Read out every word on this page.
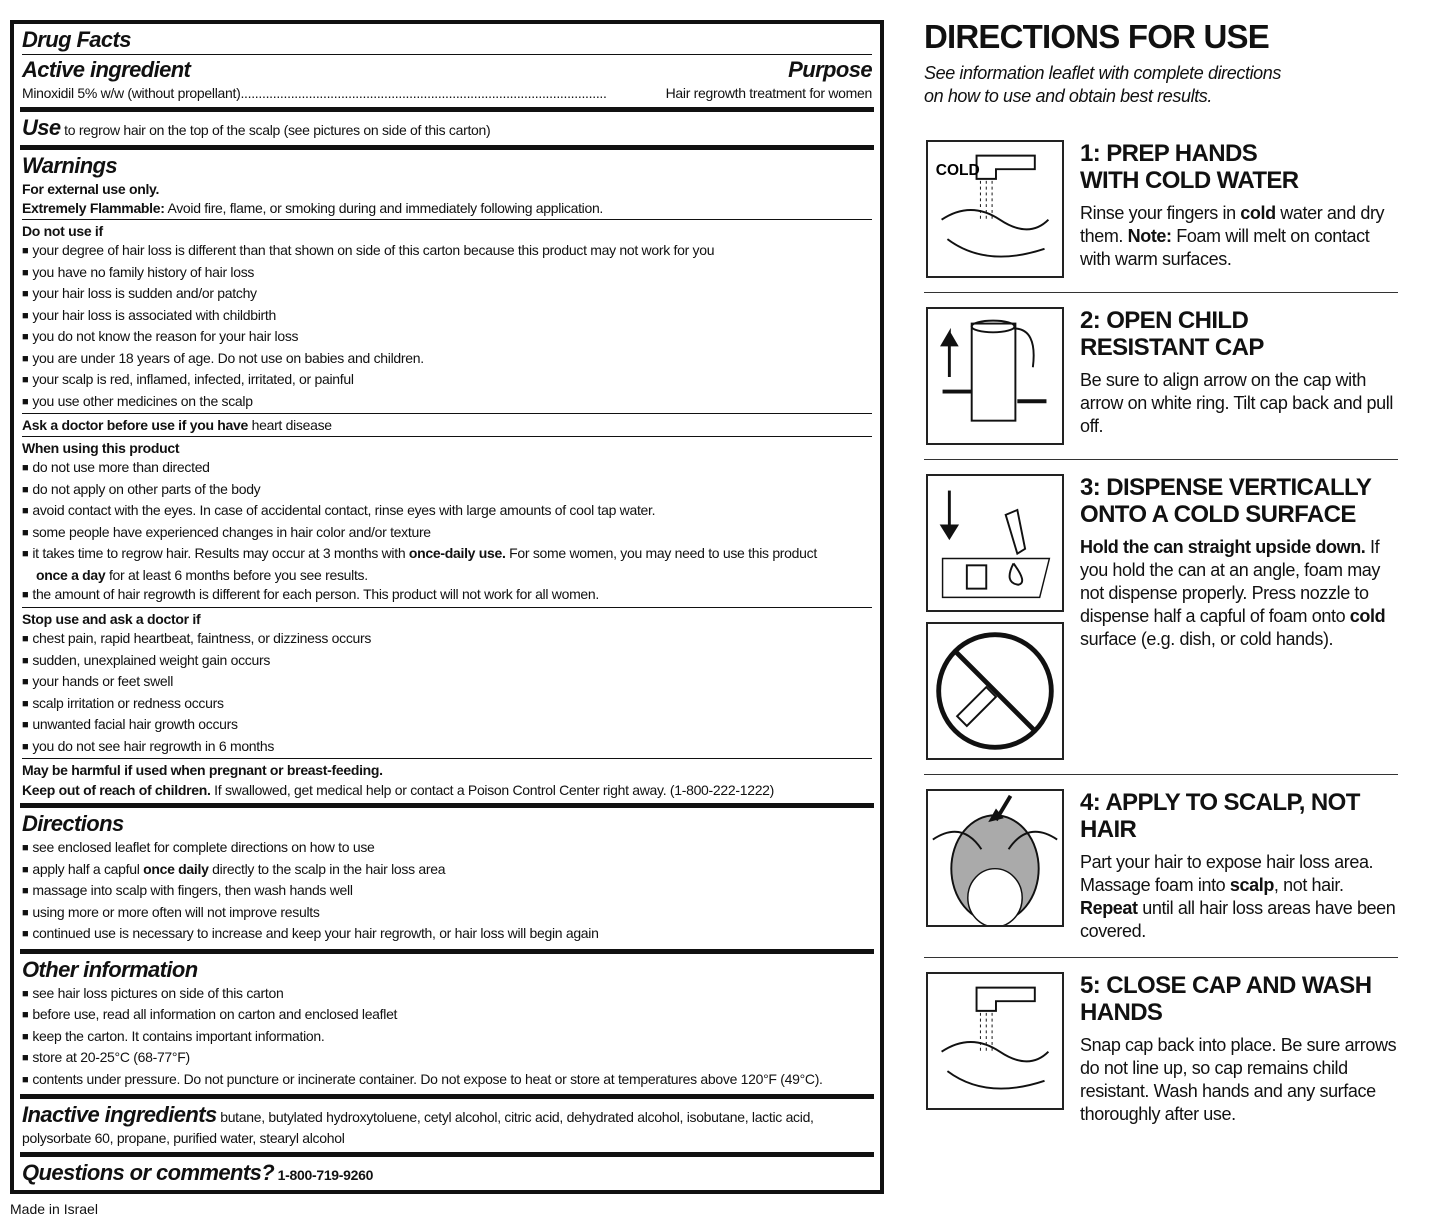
Drug Facts
Active ingredient	Purpose
Minoxidil 5% w/w (without propellant)......................................................................................................	Hair regrowth treatment for women
Use to regrow hair on the top of the scalp (see pictures on side of this carton)
Warnings
For external use only.
Extremely Flammable: Avoid fire, flame, or smoking during and immediately following application.
Do not use if
■ your degree of hair loss is different than that shown on side of this carton because this product may not work for you
■ you have no family history of hair loss
■ your hair loss is sudden and/or patchy
■ your hair loss is associated with childbirth
■ you do not know the reason for your hair loss
■ you are under 18 years of age. Do not use on babies and children.
■ your scalp is red, inflamed, infected, irritated, or painful
■ you use other medicines on the scalp
Ask a doctor before use if you have heart disease
When using this product
■ do not use more than directed
■ do not apply on other parts of the body
■ avoid contact with the eyes. In case of accidental contact, rinse eyes with large amounts of cool tap water.
■ some people have experienced changes in hair color and/or texture
■ it takes time to regrow hair. Results may occur at 3 months with once-daily use. For some women, you may need to use this product
once a day for at least 6 months before you see results.
■ the amount of hair regrowth is different for each person. This product will not work for all women.
Stop use and ask a doctor if
■ chest pain, rapid heartbeat, faintness, or dizziness occurs
■ sudden, unexplained weight gain occurs
■ your hands or feet swell
■ scalp irritation or redness occurs
■ unwanted facial hair growth occurs
■ you do not see hair regrowth in 6 months
May be harmful if used when pregnant or breast-feeding.
Keep out of reach of children. If swallowed, get medical help or contact a Poison Control Center right away. (1-800-222-1222)
Directions
■ see enclosed leaflet for complete directions on how to use
■ apply half a capful once daily directly to the scalp in the hair loss area
■ massage into scalp with fingers, then wash hands well
■ using more or more often will not improve results
■ continued use is necessary to increase and keep your hair regrowth, or hair loss will begin again
Other information
■ see hair loss pictures on side of this carton
■ before use, read all information on carton and enclosed leaflet
■ keep the carton. It contains important information.
■ store at 20-25°C (68-77°F)
■ contents under pressure. Do not puncture or incinerate container. Do not expose to heat or store at temperatures above 120°F (49°C).
Inactive ingredients butane, butylated hydroxytoluene, cetyl alcohol, citric acid, dehydrated alcohol, isobutane, lactic acid,
polysorbate 60, propane, purified water, stearyl alcohol
Questions or comments? 1-800-719-9260
Made in Israel
DIRECTIONS FOR USE
See information leaflet with complete directions
on how to use and obtain best results.
COLD
1: PREP HANDS
WITH COLD WATER
Rinse your fingers in cold water and dry them. Note: Foam will melt on contact with warm surfaces.
2: OPEN CHILD
RESISTANT CAP
Be sure to align arrow on the cap with arrow on white ring. Tilt cap back and pull off.
3: DISPENSE VERTICALLY
ONTO A COLD SURFACE
Hold the can straight upside down. If you hold the can at an angle, foam may not dispense properly. Press nozzle to dispense half a capful of foam onto cold surface (e.g. dish, or cold hands).
4: APPLY TO SCALP, NOT HAIR
Part your hair to expose hair loss area. Massage foam into scalp, not hair. Repeat until all hair loss areas have been covered.
5: CLOSE CAP AND WASH HANDS
Snap cap back into place. Be sure arrows do not line up, so cap remains child resistant. Wash hands and any surface thoroughly after use.
